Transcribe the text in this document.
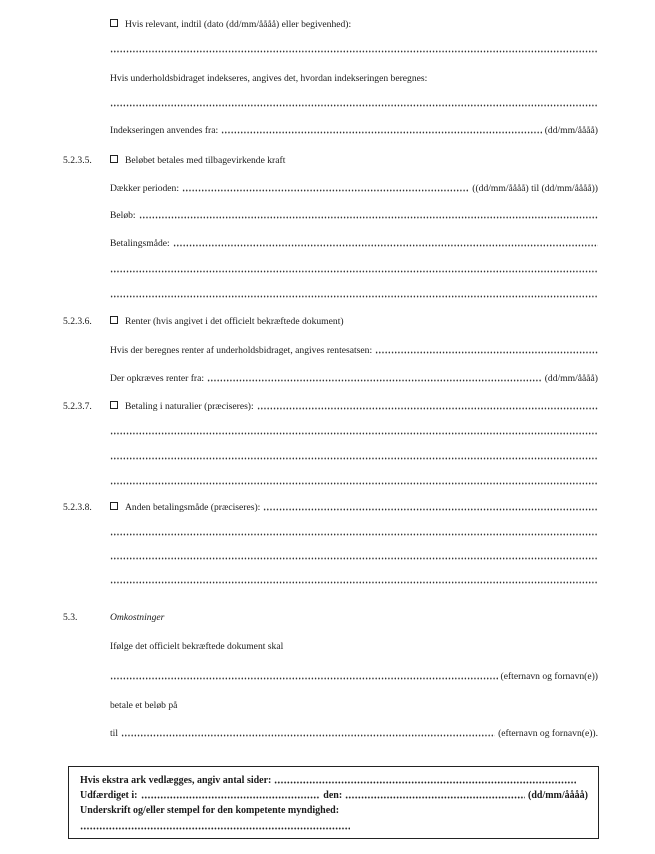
Hvis relevant, indtil (dato (dd/mm/åååå) eller begivenhed):
Hvis underholdsbidraget indekseres, angives det, hvordan indekseringen beregnes:
Indekseringen anvendes fra:	(dd/mm/åååå)
5.2.3.5.	Beløbet betales med tilbagevirkende kraft
Dækker perioden:	((dd/mm/åååå) til (dd/mm/åååå))
Beløb:
Betalingsmåde:
5.2.3.6.	Renter (hvis angivet i det officielt bekræftede dokument)
Hvis der beregnes renter af underholdsbidraget, angives rentesatsen:
Der opkræves renter fra:	(dd/mm/åååå)
5.2.3.7.	Betaling i naturalier (præciseres):
5.2.3.8.	Anden betalingsmåde (præciseres):
5.3.	Omkostninger
Ifølge det officielt bekræftede dokument skal
(efternavn og fornavn(e))
betale et beløb på
til	(efternavn og fornavn(e)).
Hvis ekstra ark vedlægges, angiv antal sider:
Udfærdiget i:	den:	(dd/mm/åååå)
Underskrift og/eller stempel for den kompetente myndighed:
